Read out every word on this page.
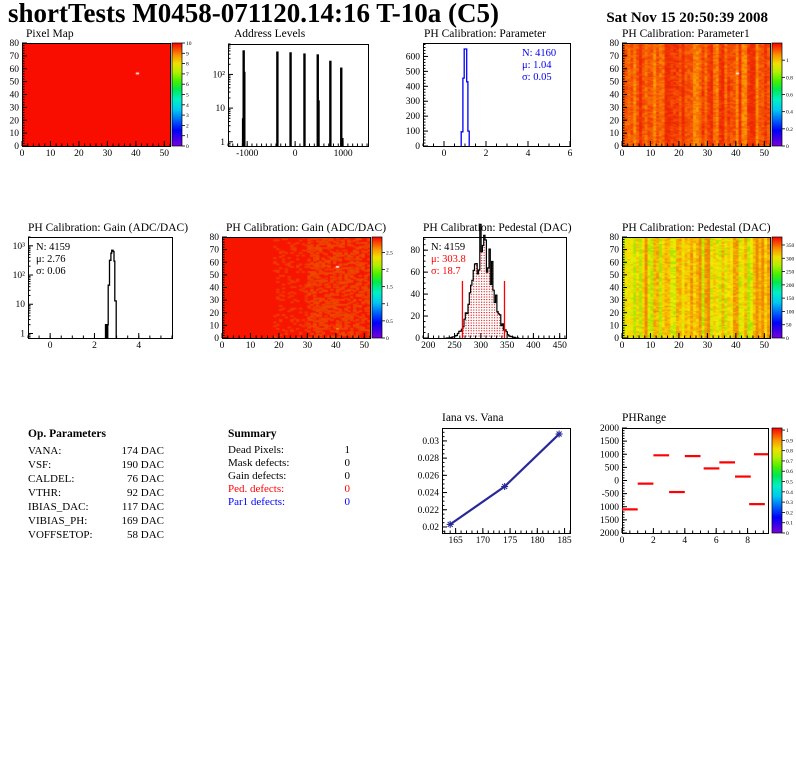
shortTests M0458-071120.14:16 T-10a (C5)	Sat Nov 15 20:50:39 2008
Pixel Map
0 10 20 30 40 50
0
10
20
30
40
50
60
70
80
0
1
2
3
4
5
6
7
8
9
10
Address Levels
-1000	0	1000
1
10
10²
PH Calibration: Parameter
0	2	4	6
0
100
200
300
400
500
600	N: 4160
μ: 1.04
σ: 0.05
PH Calibration: Parameter1
0 10 20 30 40 50
0
10
20
30
40
50
60
70
80
0
0.2
0.4
0.6
0.8
1
PH Calibration: Gain (ADC/DAC)
0	2	4
1
10
10²
10³ N: 4159
μ: 2.76
σ: 0.06
PH Calibration: Gain (ADC/DAC)
0 10 20 30 40 50
0
10
20
30
40
50
60
70
80
0
0.5
1
1.5
2
2.5
PH Calibration: Pedestal (DAC)
200 250 300 350 400 450
0
20
40
60
80 N: 4159
μ: 303.8
σ: 18.7
PH Calibration: Pedestal (DAC)
0 10 20 30 40 50
0
10
20
30
40
50
60
70
80
0
50
100
150
200
250
300
350
Op. Parameters
VANA:	174 DAC
VSF:	190 DAC
CALDEL:	76 DAC
VTHR:	92 DAC
IBIAS_DAC:	117 DAC
VIBIAS_PH:	169 DAC
VOFFSETOP:	58 DAC
Summary
Dead Pixels:	1
Mask defects:	0
Gain defects:	0
Ped. defects:	0
Par1 defects:	0
Iana vs. Vana
165 170 175 180 185
0.02
0.022
0.024
0.026
0.028
0.03
PHRange
0	2	4	6	8
2000
1500
1000
-500
0
500
1000
1500
2000
0
0.1
0.2
0.3
0.4
0.5
0.6
0.7
0.8
0.9
1
